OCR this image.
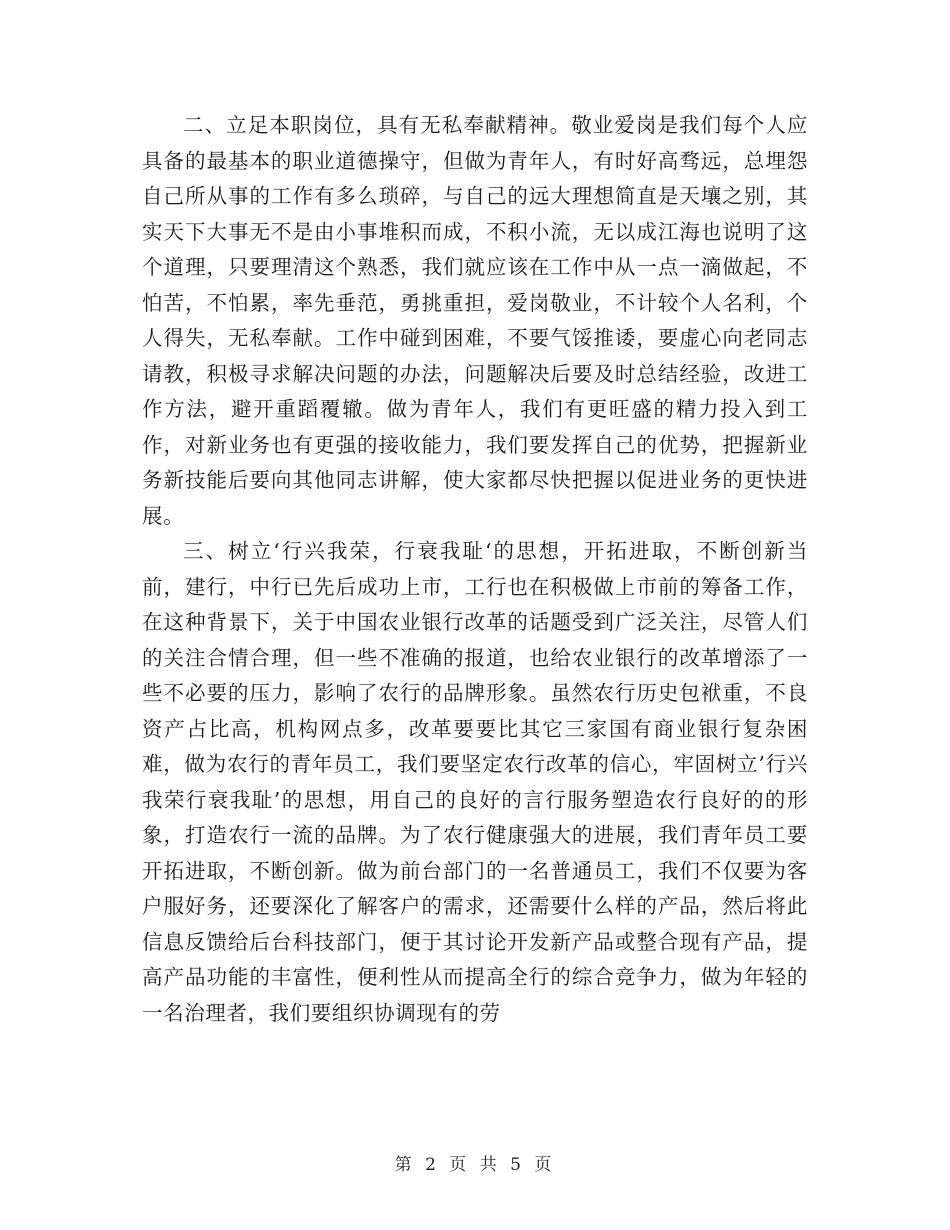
二、立足本职岗位，具有无私奉献精神。敬业爱岗是我们每个人应具备的最基本的职业道德操守，但做为青年人，有时好高骛远，总埋怨自己所从事的工作有多么琐碎，与自己的远大理想简直是天壤之别，其实天下大事无不是由小事堆积而成，不积小流，无以成江海也说明了这个道理，只要理清这个熟悉，我们就应该在工作中从一点一滴做起，不怕苦，不怕累，率先垂范，勇挑重担，爱岗敬业，不计较个人名利，个人得失，无私奉献。工作中碰到困难，不要气馁推诿，要虚心向老同志请教，积极寻求解决问题的办法，问题解决后要及时总结经验，改进工作方法，避开重蹈覆辙。做为青年人，我们有更旺盛的精力投入到工作，对新业务也有更强的接收能力，我们要发挥自己的优势，把握新业务新技能后要向其他同志讲解，使大家都尽快把握以促进业务的更快进展。

三、树立‘行兴我荣，行衰我耻‘的思想，开拓进取，不断创新当前，建行，中行已先后成功上市，工行也在积极做上市前的筹备工作，在这种背景下，关于中国农业银行改革的话题受到广泛关注，尽管人们的关注合情合理，但一些不准确的报道，也给农业银行的改革增添了一些不必要的压力，影响了农行的品牌形象。虽然农行历史包袱重，不良资产占比高，机构网点多，改革要要比其它三家国有商业银行复杂困难，做为农行的青年员工，我们要坚定农行改革的信心，牢固树立’行兴我荣行衰我耻’的思想，用自己的良好的言行服务塑造农行良好的的形象，打造农行一流的品牌。为了农行健康强大的进展，我们青年员工要开拓进取，不断创新。做为前台部门的一名普通员工，我们不仅要为客户服好务，还要深化了解客户的需求，还需要什么样的产品，然后将此信息反馈给后台科技部门，便于其讨论开发新产品或整合现有产品，提高产品功能的丰富性，便利性从而提高全行的综合竞争力，做为年轻的一名治理者，我们要组织协调现有的劳

第 2 页 共 5 页
